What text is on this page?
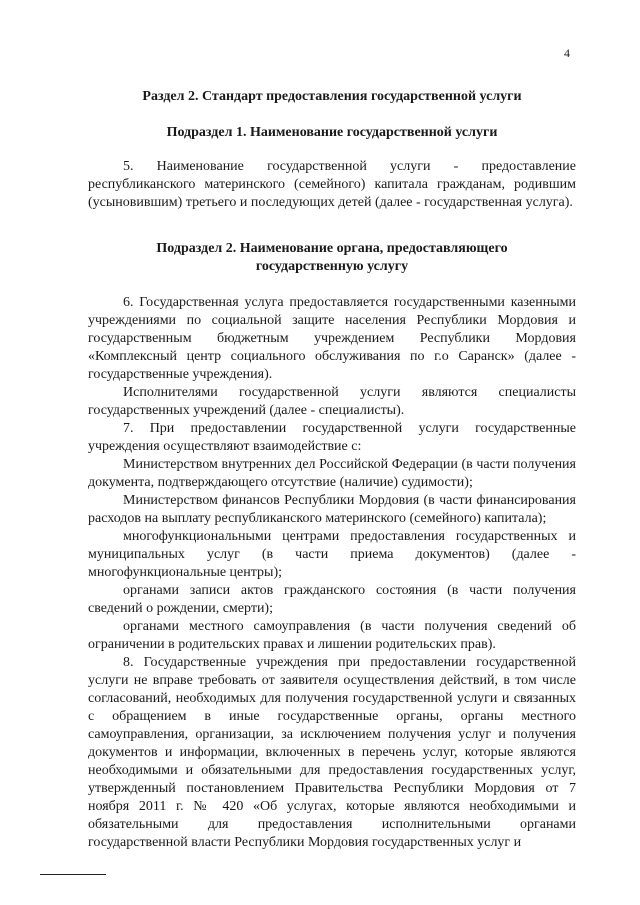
4
Раздел 2. Стандарт предоставления государственной услуги
Подраздел 1. Наименование государственной услуги

5. Наименование государственной услуги - предоставление республиканского материнского (семейного) капитала гражданам, родившим (усыновившим) третьего и последующих детей (далее - государственная услуга).

Подраздел 2. Наименование органа, предоставляющего
государственную услугу

6. Государственная услуга предоставляется государственными казенными учреждениями по социальной защите населения Республики Мордовия и государственным бюджетным учреждением Республики Мордовия «Комплексный центр социального обслуживания по г.о Саранск» (далее - государственные учреждения).

Исполнителями государственной услуги являются специалисты государственных учреждений (далее - специалисты).

7. При предоставлении государственной услуги государственные учреждения осуществляют взаимодействие с:

Министерством внутренних дел Российской Федерации (в части получения документа, подтверждающего отсутствие (наличие) судимости);

Министерством финансов Республики Мордовия (в части финансирования расходов на выплату республиканского материнского (семейного) капитала);

многофункциональными центрами предоставления государственных и муниципальных услуг (в части приема документов) (далее - многофункциональные центры);

органами записи актов гражданского состояния (в части получения сведений о рождении, смерти);

органами местного самоуправления (в части получения сведений об ограничении в родительских правах и лишении родительских прав).

8. Государственные учреждения при предоставлении государственной услуги не вправе требовать от заявителя осуществления действий, в том числе согласований, необходимых для получения государственной услуги и связанных с обращением в иные государственные органы, органы местного самоуправления, организации, за исключением получения услуг и получения документов и информации, включенных в перечень услуг, которые являются необходимыми и обязательными для предоставления государственных услуг, утвержденный постановлением Правительства Республики Мордовия от 7 ноября 2011 г. № 420 «Об услугах, которые являются необходимыми и обязательными для предоставления исполнительными органами государственной власти Республики Мордовия государственных услуг и
